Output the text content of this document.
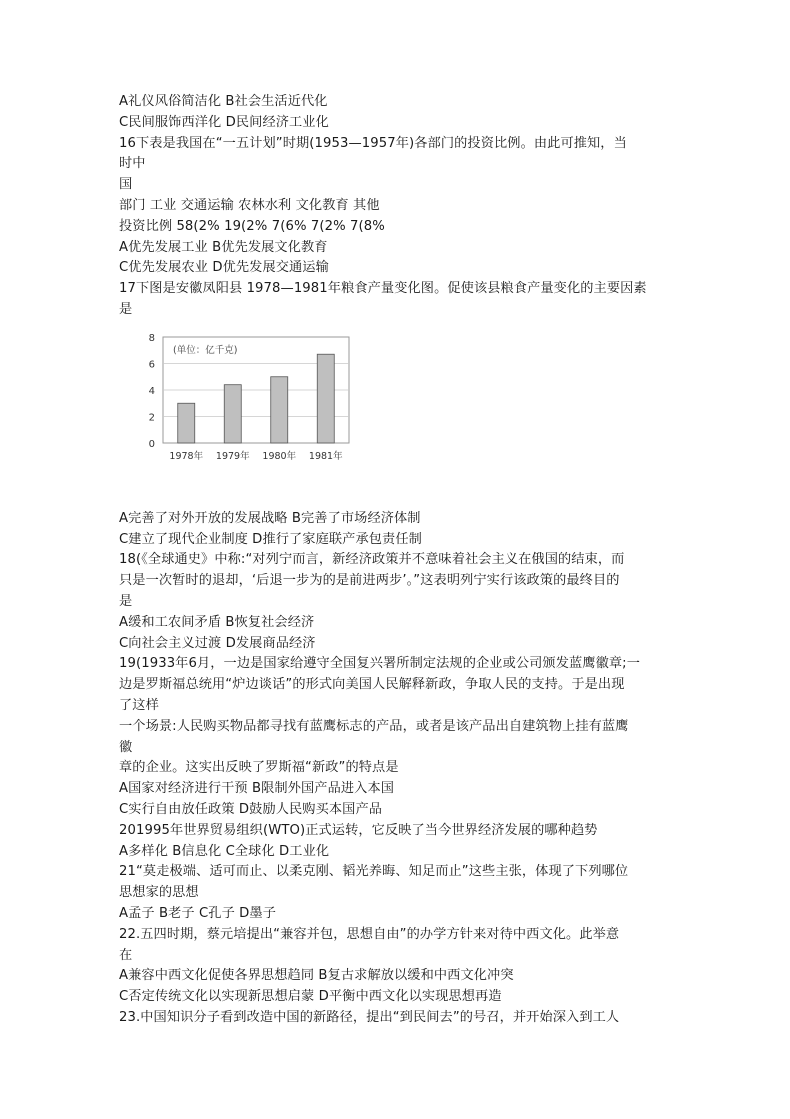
A礼仪风俗简洁化 B社会生活近代化
C民间服饰西洋化 D民间经济工业化
16下表是我国在“一五计划”时期(1953—1957年)各部门的投资比例。由此可推知，当
时中
国
部门 工业 交通运输 农林水利 文化教育 其他
投资比例 58(2% 19(2% 7(6% 7(2% 7(8%
A优先发展工业 B优先发展文化教育
C优先发展农业 D优先发展交通运输
17下图是安徽凤阳县 1978—1981年粮食产量变化图。促使该县粮食产量变化的主要因素
是
0
2
4
6
8
(单位：亿千克)
1978年 1979年 1980年 1981年
A完善了对外开放的发展战略 B完善了市场经济体制
C建立了现代企业制度 D推行了家庭联产承包责任制
18(《全球通史》中称:“对列宁而言，新经济政策并不意味着社会主义在俄国的结束，而
只是一次暂时的退却，‘后退一步为的是前进两步’。”这表明列宁实行该政策的最终目的
是
A缓和工农间矛盾 B恢复社会经济
C向社会主义过渡 D发展商品经济
19(1933年6月，一边是国家给遵守全国复兴署所制定法规的企业或公司颁发蓝鹰徽章;一
边是罗斯福总统用“炉边谈话”的形式向美国人民解释新政，争取人民的支持。于是出现
了这样
一个场景:人民购买物品都寻找有蓝鹰标志的产品，或者是该产品出自建筑物上挂有蓝鹰
徽
章的企业。这实出反映了罗斯福“新政”的特点是
A国家对经济进行干预 B限制外国产品进入本国
C实行自由放任政策 D鼓励人民购买本国产品
201995年世界贸易组织(WTO)正式运转，它反映了当今世界经济发展的哪种趋势
A多样化 B信息化 C全球化 D工业化
21“莫走极端、适可而止、以柔克刚、韬光养晦、知足而止”这些主张，体现了下列哪位
思想家的思想
A孟子 B老子 C孔子 D墨子
22.五四时期，蔡元培提出“兼容并包，思想自由”的办学方针来对待中西文化。此举意
在
A兼容中西文化促使各界思想趋同 B复古求解放以缓和中西文化冲突
C否定传统文化以实现新思想启蒙 D平衡中西文化以实现思想再造
23.中国知识分子看到改造中国的新路径，提出“到民间去”的号召，并开始深入到工人
